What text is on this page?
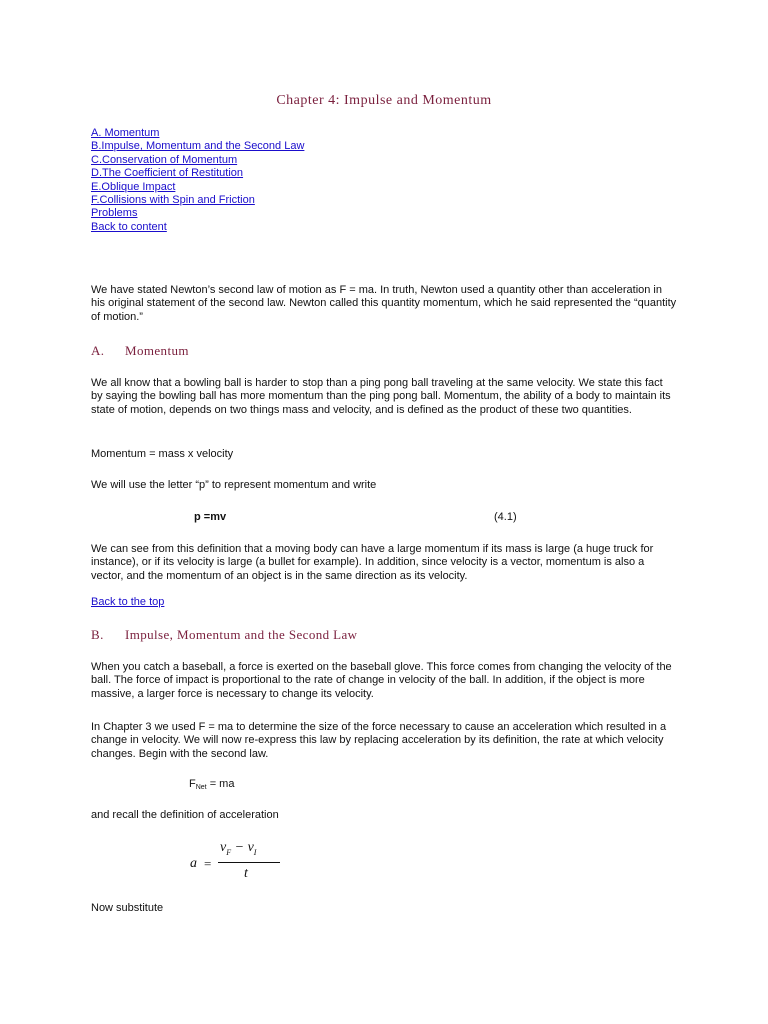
Chapter 4: Impulse and Momentum
A. Momentum
B.Impulse, Momentum and the Second Law
C.Conservation of Momentum
D.The Coefficient of Restitution
E.Oblique Impact
F.Collisions with Spin and Friction
Problems
Back to content
We have stated Newton’s second law of motion as F = ma. In truth, Newton used a quantity other than acceleration in his original statement of the second law. Newton called this quantity momentum, which he said represented the “quantity of motion.”
A. Momentum
We all know that a bowling ball is harder to stop than a ping pong ball traveling at the same velocity. We state this fact by saying the bowling ball has more momentum than the ping pong ball. Momentum, the ability of a body to maintain its state of motion, depends on two things mass and velocity, and is defined as the product of these two quantities.
Momentum = mass x velocity
We will use the letter “p” to represent momentum and write
p =mv	(4.1)
We can see from this definition that a moving body can have a large momentum if its mass is large (a huge truck for instance), or if its velocity is large (a bullet for example). In addition, since velocity is a vector, momentum is also a vector, and the momentum of an object is in the same direction as its velocity.
Back to the top
B. Impulse, Momentum and the Second Law
When you catch a baseball, a force is exerted on the baseball glove. This force comes from changing the velocity of the ball. The force of impact is proportional to the rate of change in velocity of the ball. In addition, if the object is more massive, a larger force is necessary to change its velocity.
In Chapter 3 we used F = ma to determine the size of the force necessary to cause an acceleration which resulted in a change in velocity. We will now re-express this law by replacing acceleration by its definition, the rate at which velocity changes. Begin with the second law.
$F_{Net}$ = ma
and recall the definition of acceleration
a =
$v_F - v_I$
t
Now substitute
